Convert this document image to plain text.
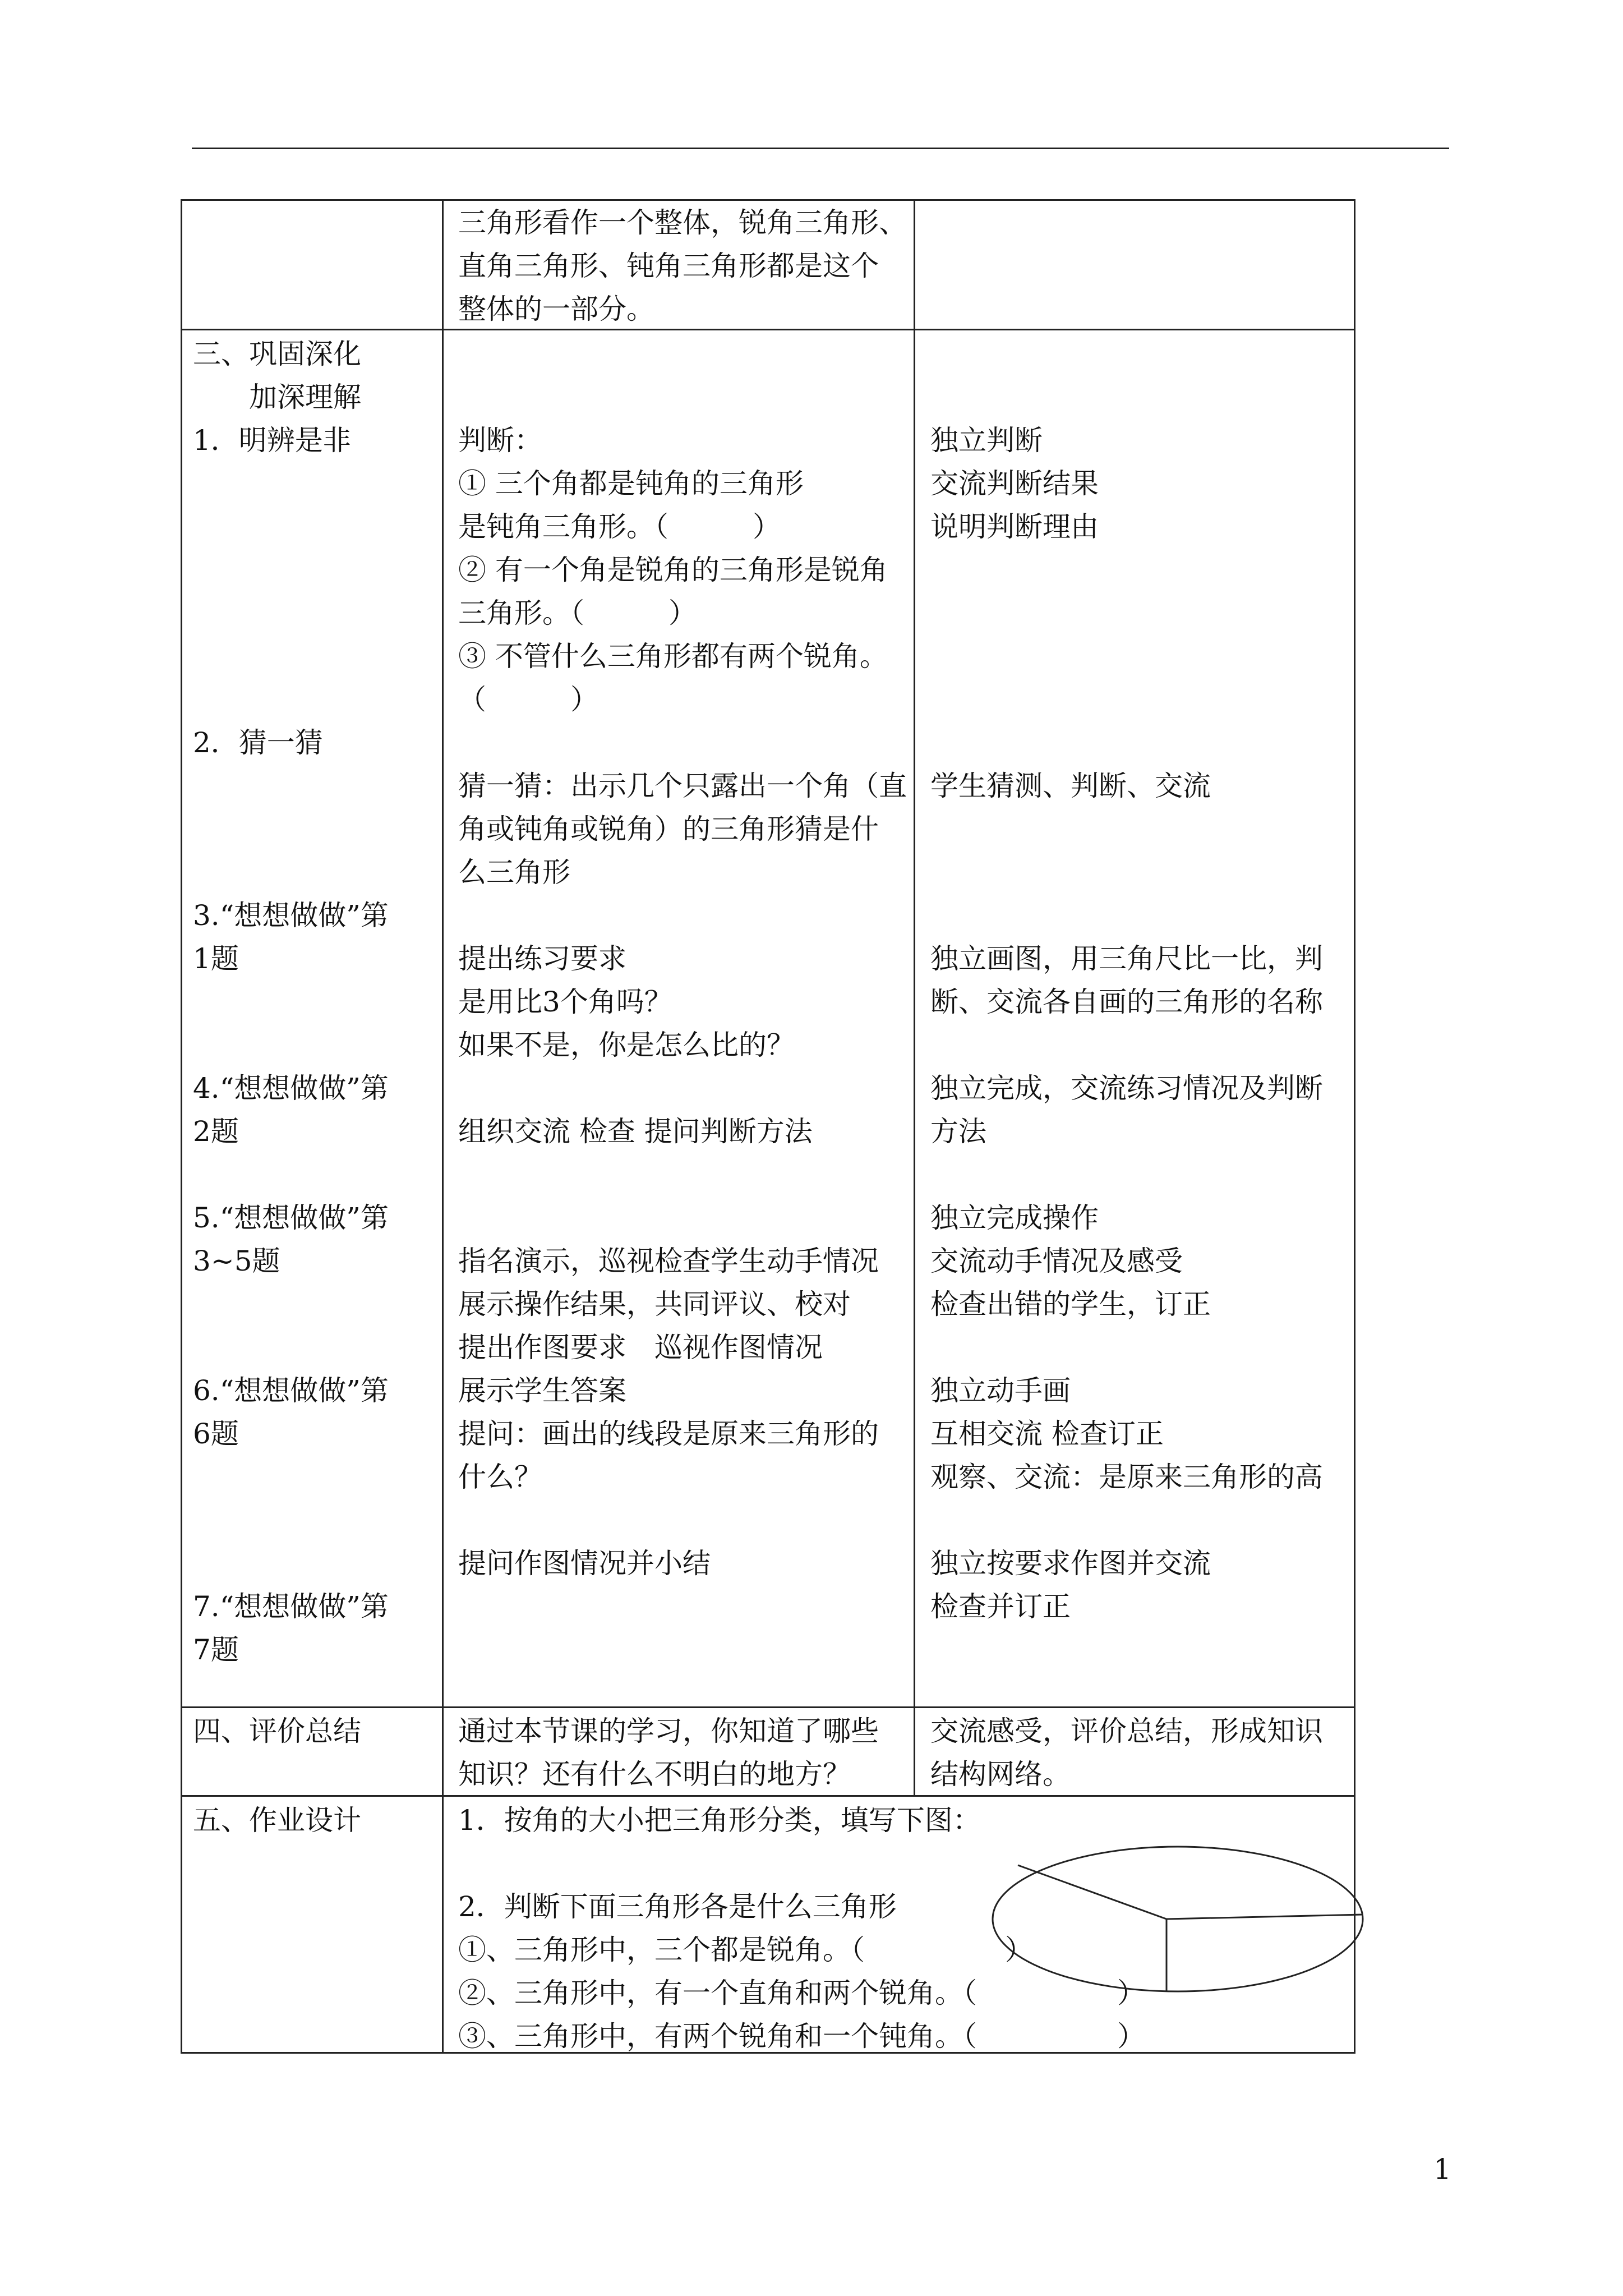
三角形看作一个整体，锐角三角形、
直角三角形、钝角三角形都是这个
整体的一部分。
三、巩固深化
　　加深理解
1．明辨是非
2．猜一猜
3.“想想做做”第
1题
4.“想想做做”第
2题
5.“想想做做”第
3~5题
6.“想想做做”第
6题
7.“想想做做”第
7题
判断：
① 三个角都是钝角的三角形
是钝角三角形。（　　　）
② 有一个角是锐角的三角形是锐角
三角形。（　　　）
③ 不管什么三角形都有两个锐角。
（　　　）
猜一猜：出示几个只露出一个角（直
角或钝角或锐角）的三角形猜是什
么三角形
提出练习要求
是用比3个角吗？
如果不是，你是怎么比的？
组织交流 检查 提问判断方法
指名演示，巡视检查学生动手情况
展示操作结果，共同评议、校对
提出作图要求　巡视作图情况
展示学生答案
提问：画出的线段是原来三角形的
什么？
提问作图情况并小结
独立判断
交流判断结果
说明判断理由
学生猜测、判断、交流
独立画图，用三角尺比一比，判
断、交流各自画的三角形的名称
独立完成，交流练习情况及判断
方法
独立完成操作
交流动手情况及感受
检查出错的学生，订正
独立动手画
互相交流 检查订正
观察、交流：是原来三角形的高
独立按要求作图并交流
检查并订正
四、评价总结	通过本节课的学习，你知道了哪些
知识？还有什么不明白的地方？
交流感受，评价总结，形成知识
结构网络。
五、作业设计	1．按角的大小把三角形分类，填写下图：
2．判断下面三角形各是什么三角形
①、三角形中，三个都是锐角。（　　　　　）
②、三角形中，有一个直角和两个锐角。（　　　　　）
③、三角形中，有两个锐角和一个钝角。（　　　　　）
1
